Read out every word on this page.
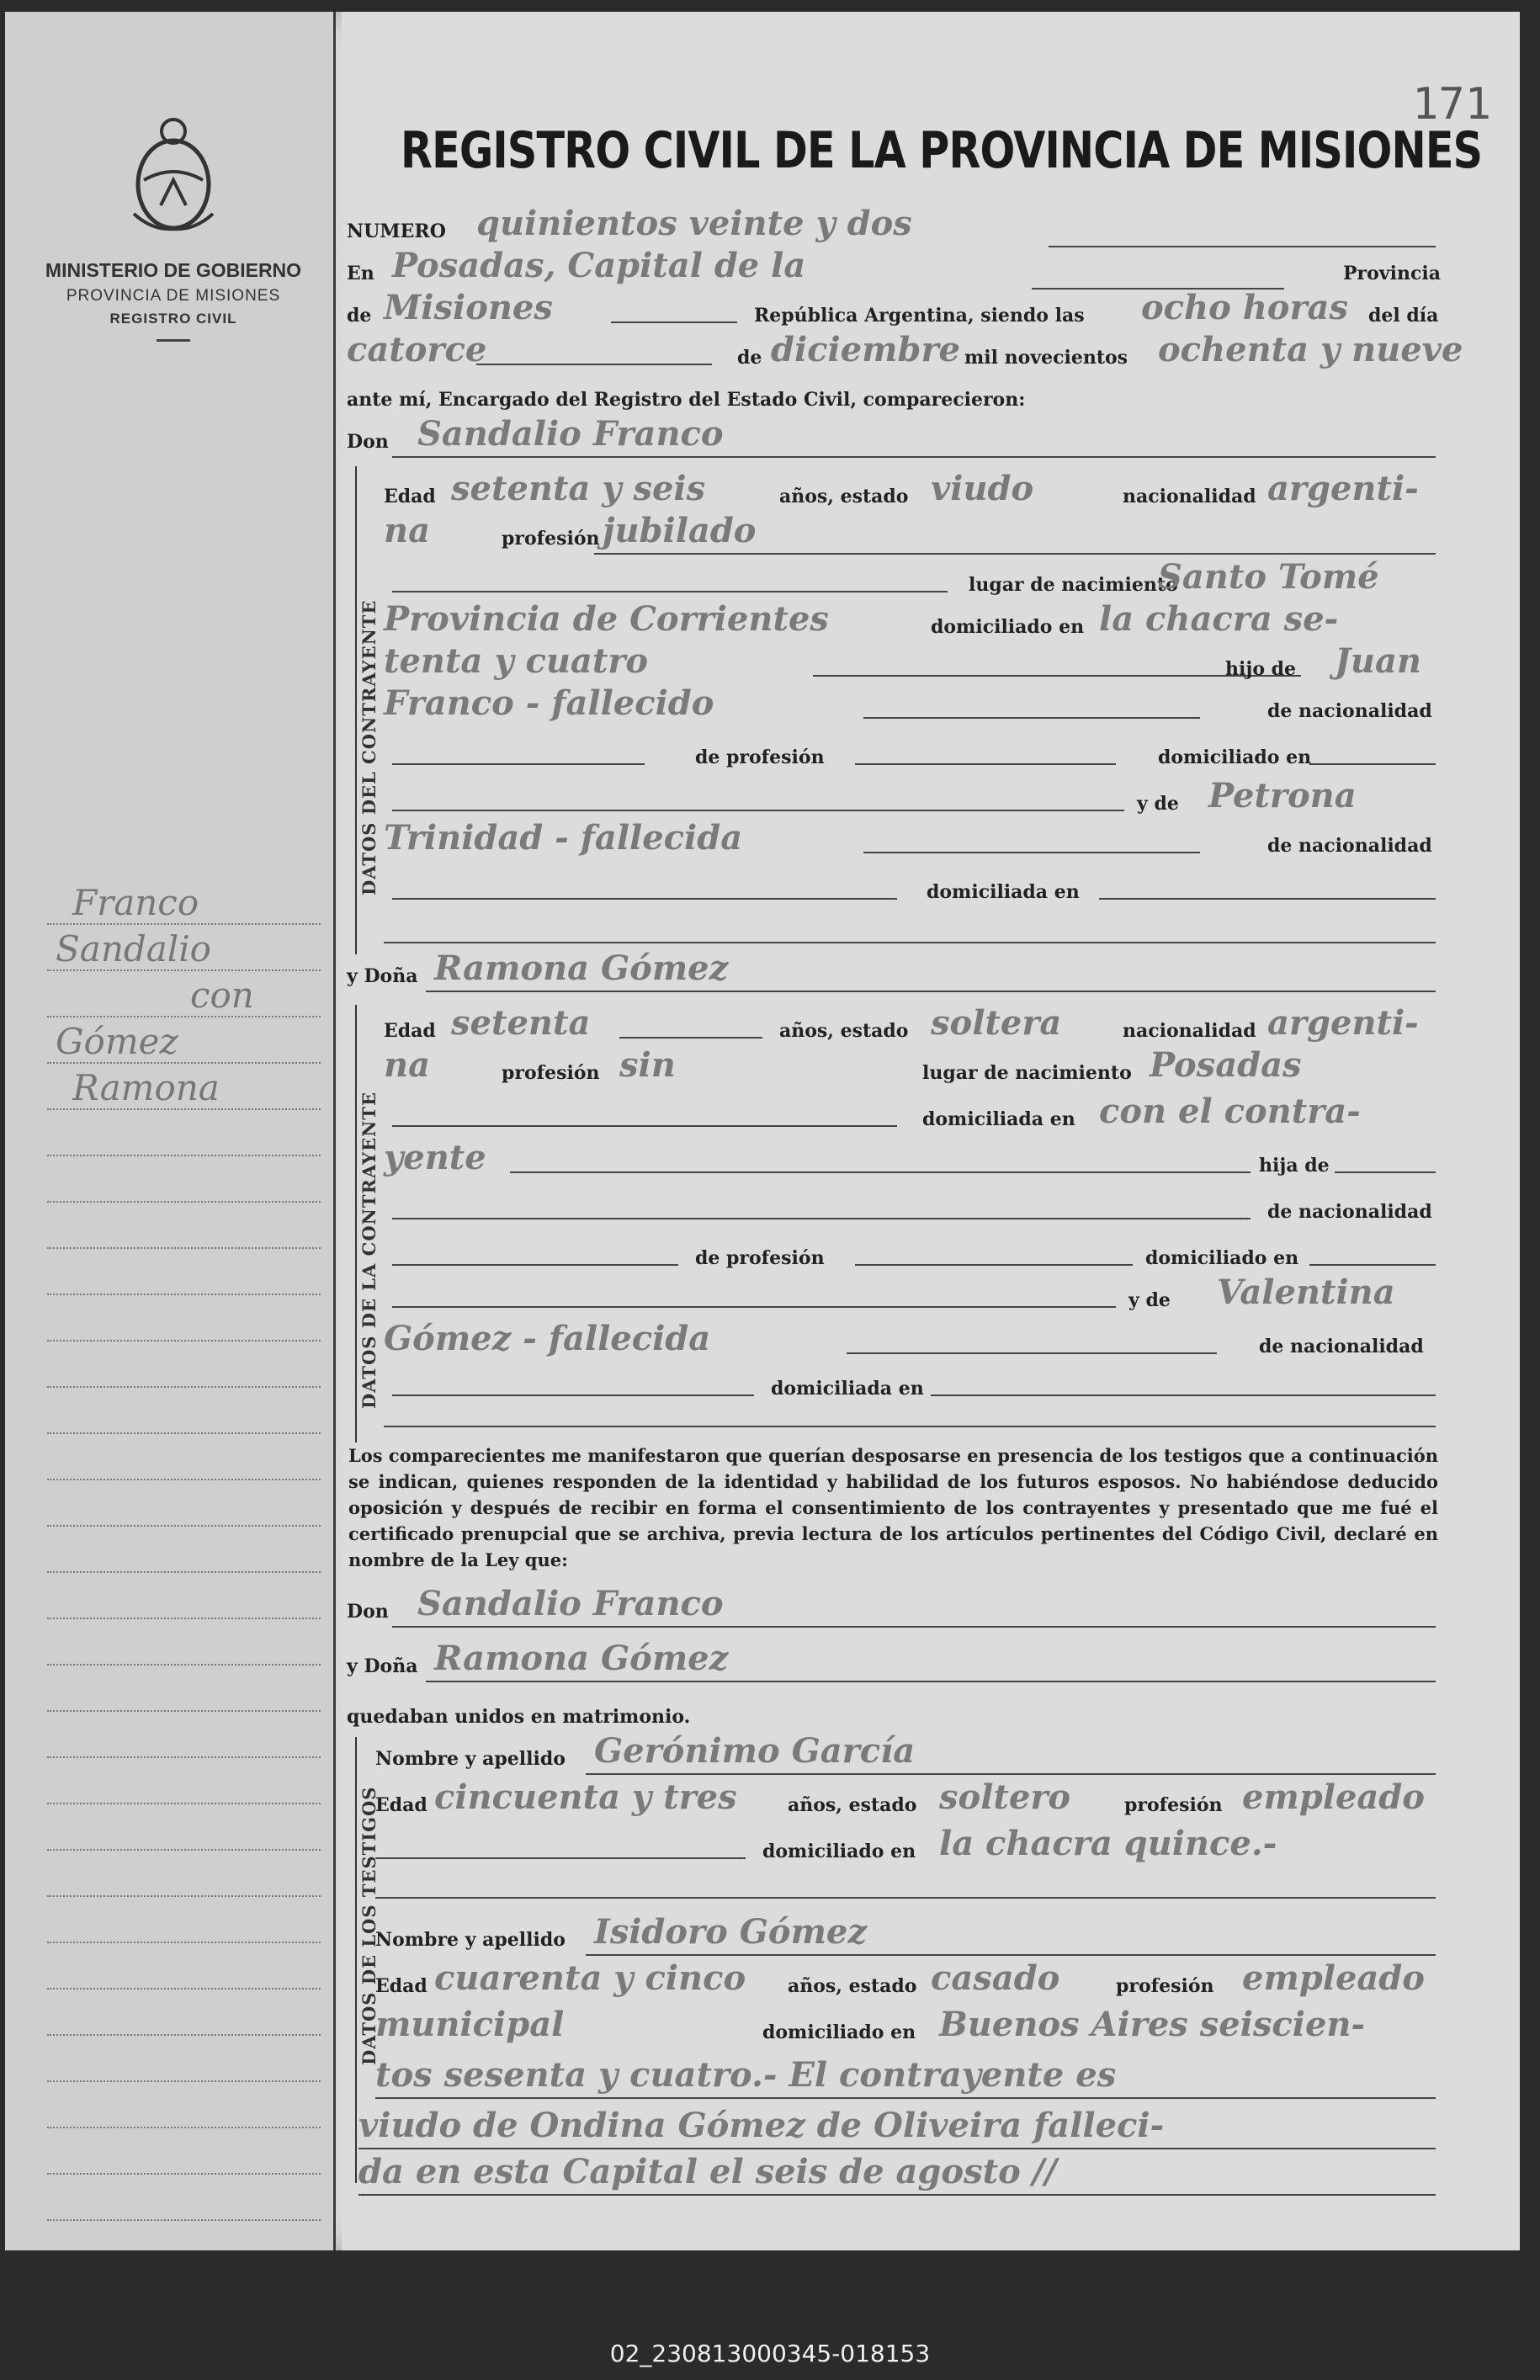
MINISTERIO DE GOBIERNO
PROVINCIA DE MISIONES
REGISTRO CIVIL
Franco
Sandalio
con
Gómez
Ramona
171
REGISTRO CIVIL DE LA PROVINCIA DE MISIONES
NUMERO quinientos veinte y dos
En Posadas, Capital de la	Provincia
de Misiones	República Argentina, siendo las ocho horas del día
catorce	de diciembre mil novecientos ochenta y nueve
ante mí, Encargado del Registro del Estado Civil, comparecieron:
Don Sandalio Franco
DATOS DEL CONTRAYENTE
Edad setenta y seis	años, estado viudo	nacionalidad argenti-
na	profesión jubilado
lugar de nacimiento
Santo Tomé
Provincia de Corrientes	domiciliado en la chacra se-
tenta y cuatro	hijo de Juan
Franco - fallecido	de nacionalidad
de profesión	domiciliado en
y de Petrona
Trinidad - fallecida	de nacionalidad
domiciliada en
y Doña Ramona Gómez
DATOS DE LA CONTRAYENTE
Edad setenta	años, estado soltera	nacionalidad argenti-
na	profesión sin	lugar de nacimiento Posadas
domiciliada en con el contra-
yente	hija de
de nacionalidad
de profesión	domiciliado en
y de Valentina
Gómez - fallecida	de nacionalidad
domiciliada en
Los comparecientes me manifestaron que querían desposarse en presencia de los testigos que a continuación se indican, quienes responden de la identidad y habilidad de los futuros esposos. No habiéndose deducido oposición y después de recibir en forma el consentimiento de los contrayentes y presentado que me fué el certificado prenupcial que se archiva, previa lectura de los artículos pertinentes del Código Civil, declaré en nombre de la Ley que:
Don Sandalio Franco
y Doña Ramona Gómez
quedaban unidos en matrimonio.
DATOS DE LOS TESTIGOS
Nombre y apellido Gerónimo García
Edad cincuenta y tres	años, estado soltero	profesión empleado
domiciliado en la chacra quince.-
Nombre y apellido Isidoro Gómez
Edad cuarenta y cinco años, estado casado	profesión empleado
municipal	domiciliado en Buenos Aires seiscien-
tos sesenta y cuatro.- El contrayente es
viudo de Ondina Gómez de Oliveira falleci-
da en esta Capital el seis de agosto //
02_230813000345-018153
